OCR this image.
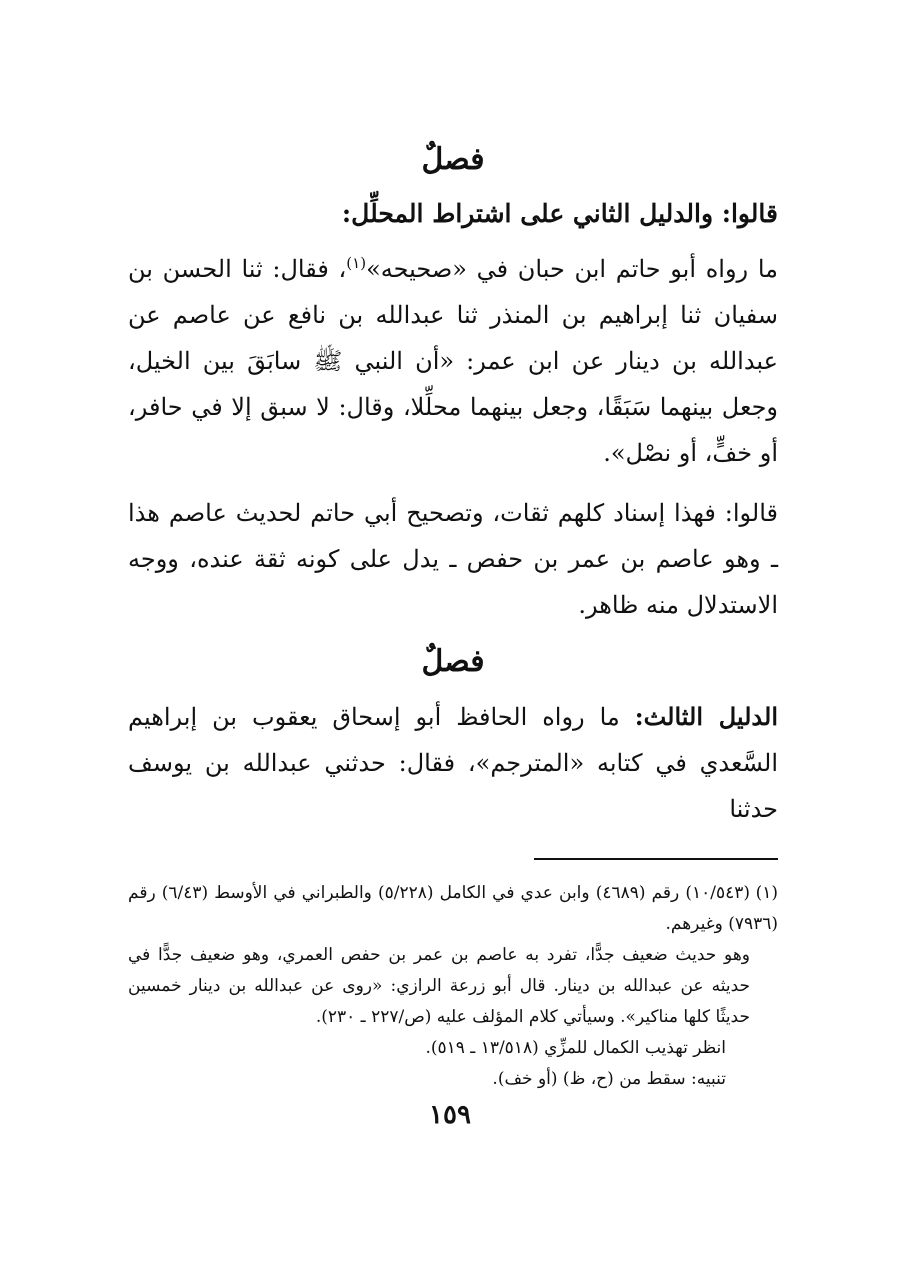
فصلٌ

قالوا: والدليل الثاني على اشتراط المحلِّل:

ما رواه أبو حاتم ابن حبان في «صحيحه»$^{(١)}$، فقال: ثنا الحسن بن سفيان ثنا إبراهيم بن المنذر ثنا عبدالله بن نافع عن عاصم عن عبدالله بن دينار عن ابن عمر: «أن النبي ﷺ سابَقَ بين الخيل، وجعل بينهما سَبَقًا، وجعل بينهما محلِّلا، وقال: لا سبق إلا في حافر، أو خفٍّ، أو نصْل».

قالوا: فهذا إسناد كلهم ثقات، وتصحيح أبي حاتم لحديث عاصم هذا ـ وهو عاصم بن عمر بن حفص ـ يدل على كونه ثقة عنده، ووجه الاستدلال منه ظاهر.

فصلٌ

الدليل الثالث: ما رواه الحافظ أبو إسحاق يعقوب بن إبراهيم السَّعدي في كتابه «المترجم»، فقال: حدثني عبدالله بن يوسف حدثنا

(١)(١٠/٥٤٣) رقم (٤٦٨٩) وابن عدي في الكامل (٥/٢٢٨) والطبراني في الأوسط (٦/٤٣) رقم (٧٩٣٦) وغيرهم.

وهو حديث ضعيف جدًّا، تفرد به عاصم بن عمر بن حفص العمري، وهو ضعيف جدًّا في حديثه عن عبدالله بن دينار. قال أبو زرعة الرازي: «روى عن عبدالله بن دينار خمسين حديثًا كلها مناكير». وسيأتي كلام المؤلف عليه (ص/٢٢٧ ـ ٢٣٠).

انظر تهذيب الكمال للمزِّي (١٣/٥١٨ ـ ٥١٩).

تنبيه: سقط من (ح، ظ) (أو خف).

١٥٩
